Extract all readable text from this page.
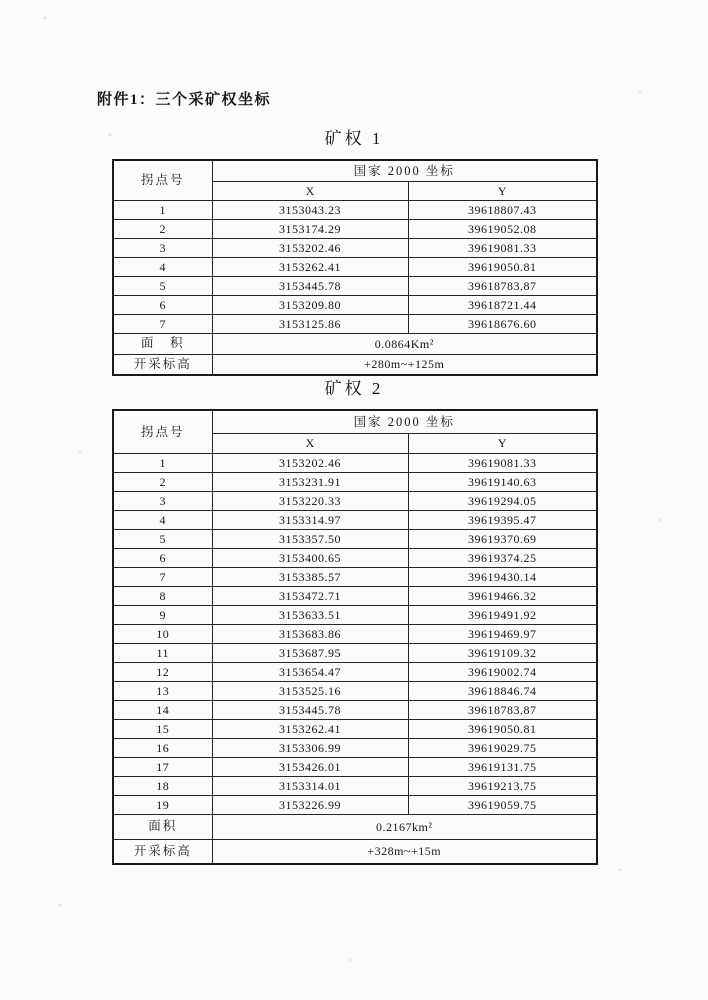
附件1：三个采矿权坐标
矿权 1
拐点号	国家 2000 坐标	
	X	Y
1	3153043.23	39618807.43
2	3153174.29	39619052.08
3	3153202.46	39619081.33
4	3153262.41	39619050.81
5	3153445.78	39618783.87
6	3153209.80	39618721.44
7	3153125.86	39618676.60
面　积	0.0864Km²	
开采标高	+280m~+125m	
矿权 2
拐点号	国家 2000 坐标	
	X	Y
1	3153202.46	39619081.33
2	3153231.91	39619140.63
3	3153220.33	39619294.05
4	3153314.97	39619395.47
5	3153357.50	39619370.69
6	3153400.65	39619374.25
7	3153385.57	39619430.14
8	3153472.71	39619466.32
9	3153633.51	39619491.92
10	3153683.86	39619469.97
11	3153687.95	39619109.32
12	3153654.47	39619002.74
13	3153525.16	39618846.74
14	3153445.78	39618783.87
15	3153262.41	39619050.81
16	3153306.99	39619029.75
17	3153426.01	39619131.75
18	3153314.01	39619213.75
19	3153226.99	39619059.75
面积	0.2167km²	
开采标高	+328m~+15m	
